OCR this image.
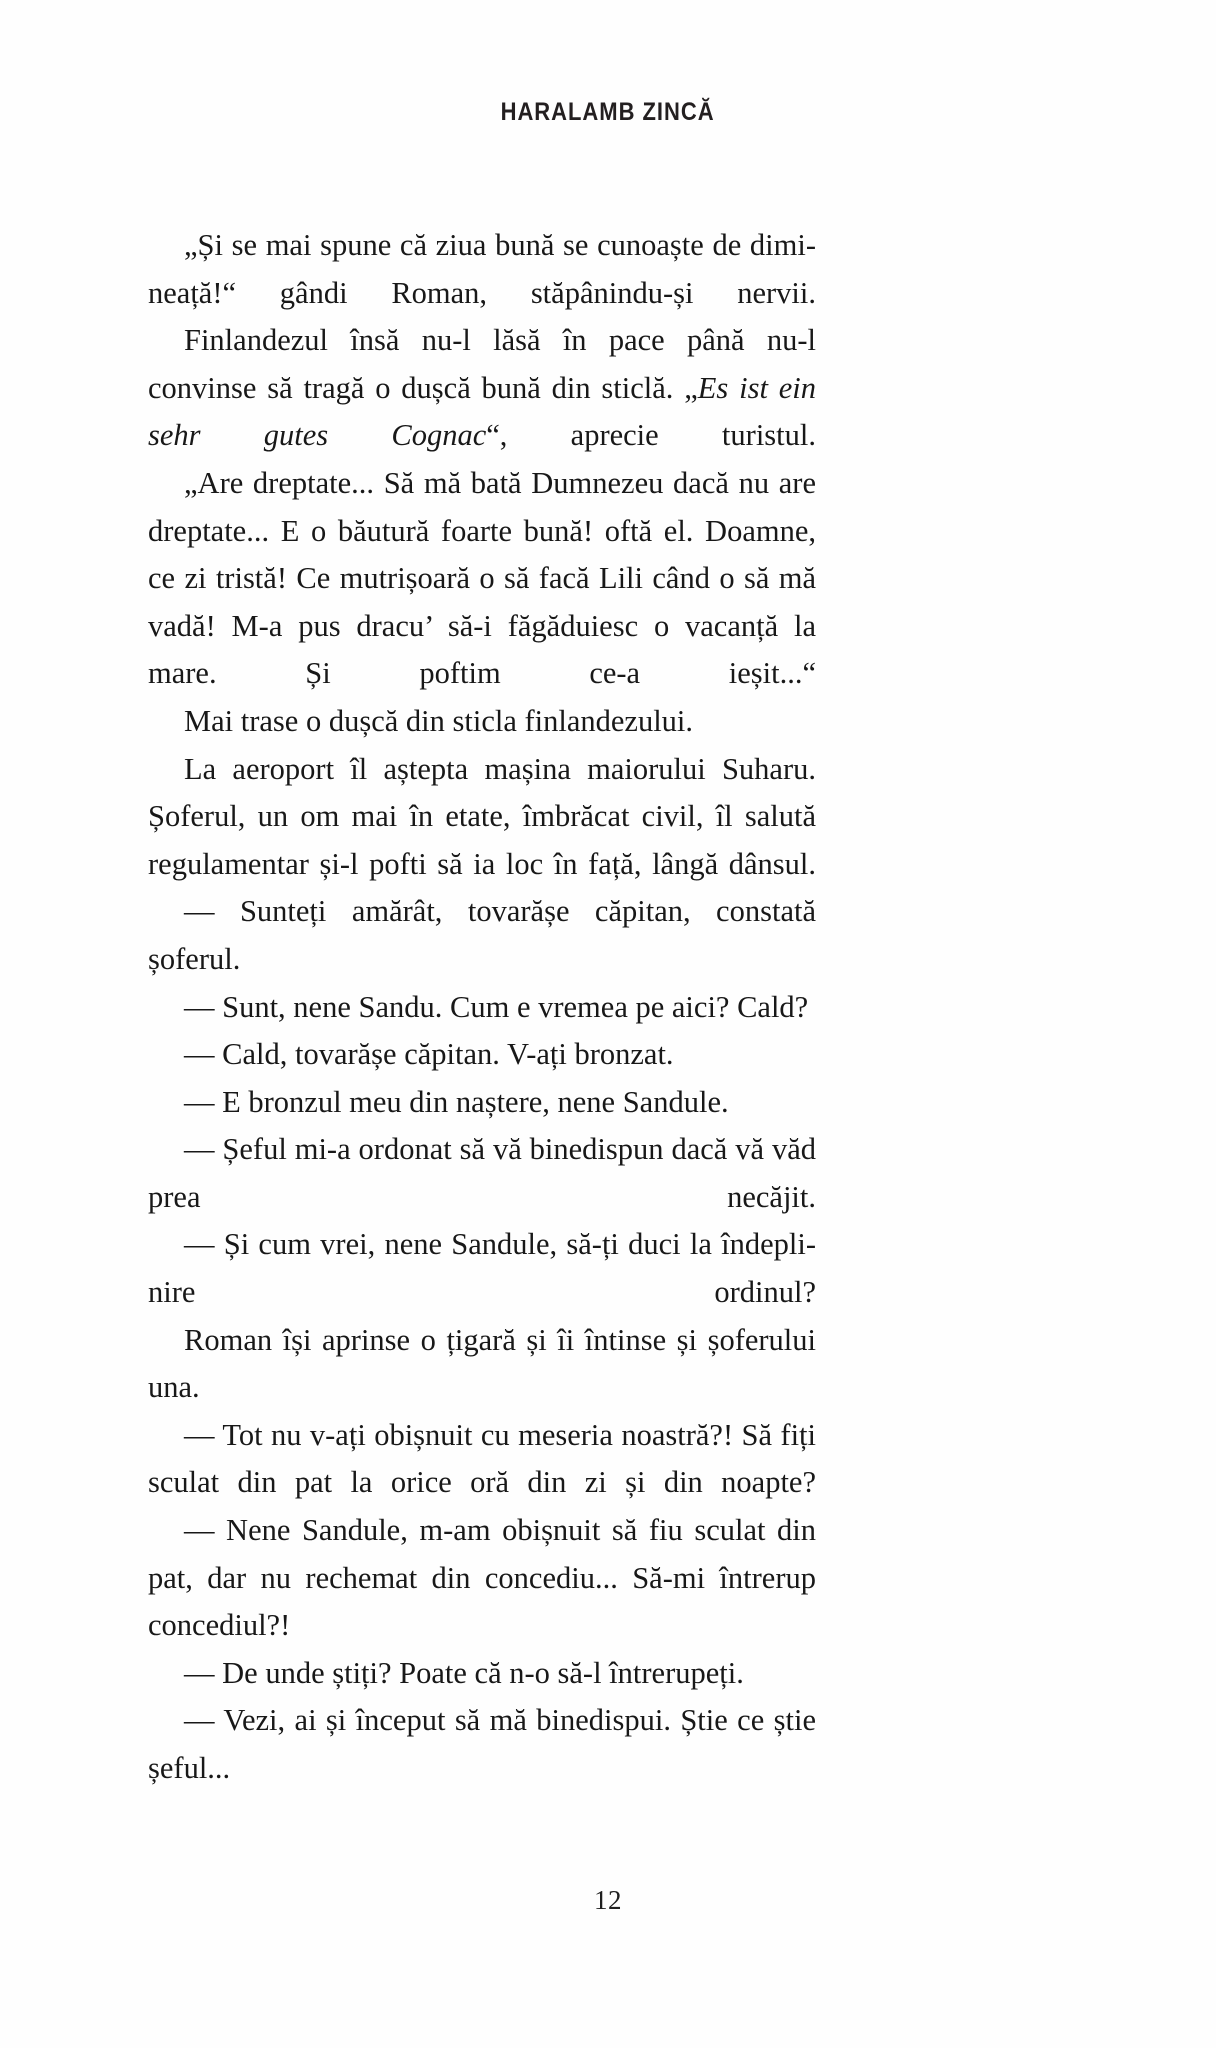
HARALAMB ZINCĂ

„Și se mai spune că ziua bună se cunoaște de dimi-neață!“ gândi Roman, stăpânindu-și nervii.

Finlandezul însă nu-l lăsă în pace până nu-l convinse să tragă o dușcă bună din sticlă. „Es ist ein sehr gutes Cognac“, aprecie turistul.

„Are dreptate... Să mă bată Dumnezeu dacă nu are dreptate... E o băutură foarte bună! oftă el. Doamne, ce zi tristă! Ce mutrișoară o să facă Lili când o să mă vadă! M-a pus dracu’ să-i făgăduiesc o vacanță la mare. Și poftim ce-a ieșit...“

Mai trase o dușcă din sticla finlandezului.

La aeroport îl aștepta mașina maiorului Suharu. Șoferul, un om mai în etate, îmbrăcat civil, îl salută regulamentar și-l pofti să ia loc în față, lângă dânsul.

— Sunteți amărât, tovarășe căpitan, constată șoferul.

— Sunt, nene Sandu. Cum e vremea pe aici? Cald?

— Cald, tovarășe căpitan. V-ați bronzat.

— E bronzul meu din naștere, nene Sandule.

— Șeful mi-a ordonat să vă binedispun dacă vă văd prea necăjit.

— Și cum vrei, nene Sandule, să-ți duci la îndepli-nire ordinul?

Roman își aprinse o țigară și îi întinse și șoferului una.

— Tot nu v-ați obișnuit cu meseria noastră?! Să fiți sculat din pat la orice oră din zi și din noapte?

— Nene Sandule, m-am obișnuit să fiu sculat din pat, dar nu rechemat din concediu... Să-mi întrerup concediul?!

— De unde știți? Poate că n-o să-l întrerupeți.

— Vezi, ai și început să mă binedispui. Știe ce știe șeful...

12
